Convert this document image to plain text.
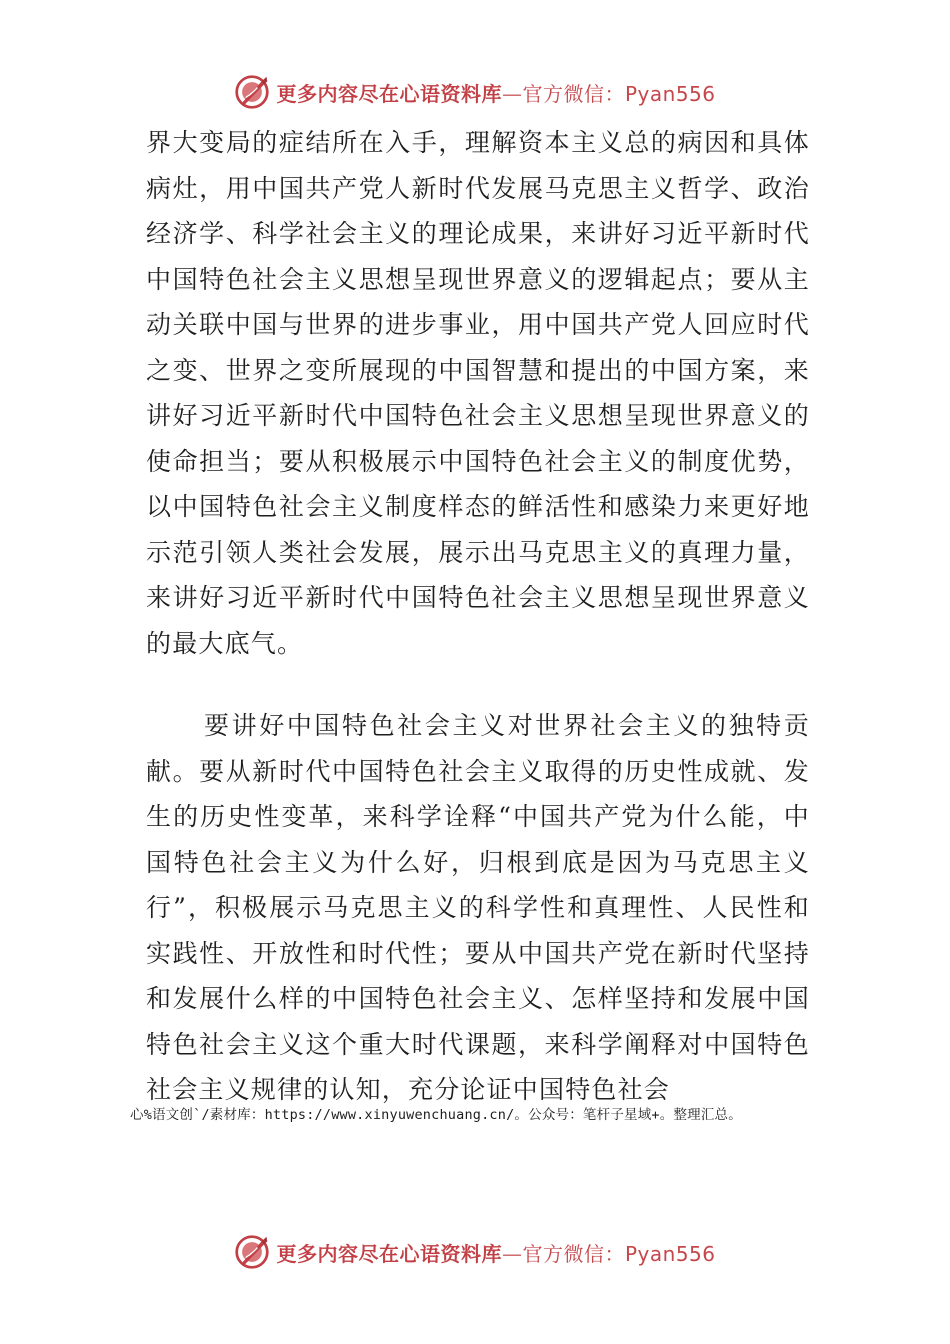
更多内容尽在心语资料库—官方微信：Pyan556

界大变局的症结所在入手，理解资本主义总的病因和具体病灶，用中国共产党人新时代发展马克思主义哲学、政治经济学、科学社会主义的理论成果，来讲好习近平新时代中国特色社会主义思想呈现世界意义的逻辑起点；要从主动关联中国与世界的进步事业，用中国共产党人回应时代之变、世界之变所展现的中国智慧和提出的中国方案，来讲好习近平新时代中国特色社会主义思想呈现世界意义的使命担当；要从积极展示中国特色社会主义的制度优势，以中国特色社会主义制度样态的鲜活性和感染力来更好地示范引领人类社会发展，展示出马克思主义的真理力量，来讲好习近平新时代中国特色社会主义思想呈现世界意义的最大底气。

要讲好中国特色社会主义对世界社会主义的独特贡献。要从新时代中国特色社会主义取得的历史性成就、发生的历史性变革，来科学诠释“中国共产党为什么能，中国特色社会主义为什么好，归根到底是因为马克思主义行”，积极展示马克思主义的科学性和真理性、人民性和实践性、开放性和时代性；要从中国共产党在新时代坚持和发展什么样的中国特色社会主义、怎样坚持和发展中国特色社会主义这个重大时代课题，来科学阐释对中国特色社会主义规律的认知，充分论证中国特色社会

心%语文创`/素材库：https://www.xinyuwenchuang.cn/。公众号：笔杆子星域+。整理汇总。
更多内容尽在心语资料库—官方微信：Pyan556
